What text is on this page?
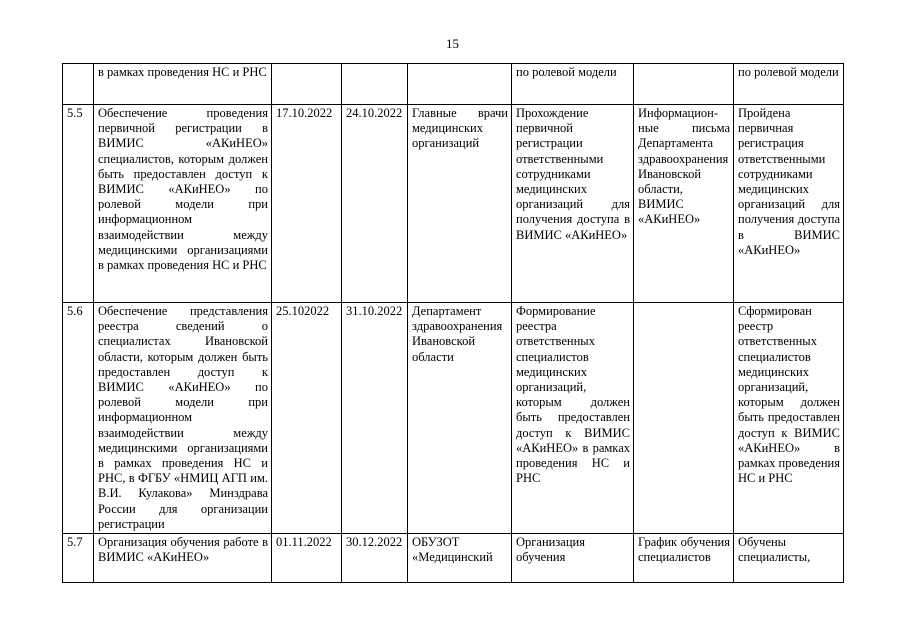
15
	в рамках проведения НС и РНС				по ролевой модели		по ролевой модели
5.5	Обеспечение проведения первичной регистрации в ВИМИС «АКиНЕО» специалистов, которым должен быть предоставлен доступ к ВИМИС «АКиНЕО» по ролевой модели при информационном взаимодействии между медицинскими организациями в рамках проведения НС и РНС	17.10.2022	24.10.2022	Главные врачи медицинских организаций	Прохождение первичной регистрации ответственными сотрудниками медицинских организаций для получения доступа в ВИМИС «АКиНЕО»	Информацион-ные письма Департамента здравоохранения Ивановской области, ВИМИС «АКиНЕО»	Пройдена первичная регистрация ответственными сотрудниками медицинских организаций для получения доступа в ВИМИС «АКиНЕО»
5.6	Обеспечение представления реестра сведений о специалистах Ивановской области, которым должен быть предоставлен доступ к ВИМИС «АКиНЕО» по ролевой модели при информационном взаимодействии между медицинскими организациями в рамках проведения НС и РНС, в ФГБУ «НМИЦ АГП им. В.И. Кулакова» Минздрава России для организации регистрации	25.102022	31.10.2022	Департамент здравоохранения Ивановской области	Формирование реестра ответственных специалистов медицинских организаций, которым должен быть предоставлен доступ к ВИМИС «АКиНЕО» в рамках проведения НС и РНС		Сформирован реестр ответственных специалистов медицинских организаций, которым должен быть предоставлен доступ к ВИМИС «АКиНЕО» в рамках проведения НС и РНС
5.7	Организация обучения работе в ВИМИС «АКиНЕО»	01.11.2022	30.12.2022	ОБУЗОТ «Медицинский	Организация обучения	График обучения специалистов	Обучены специалисты,
